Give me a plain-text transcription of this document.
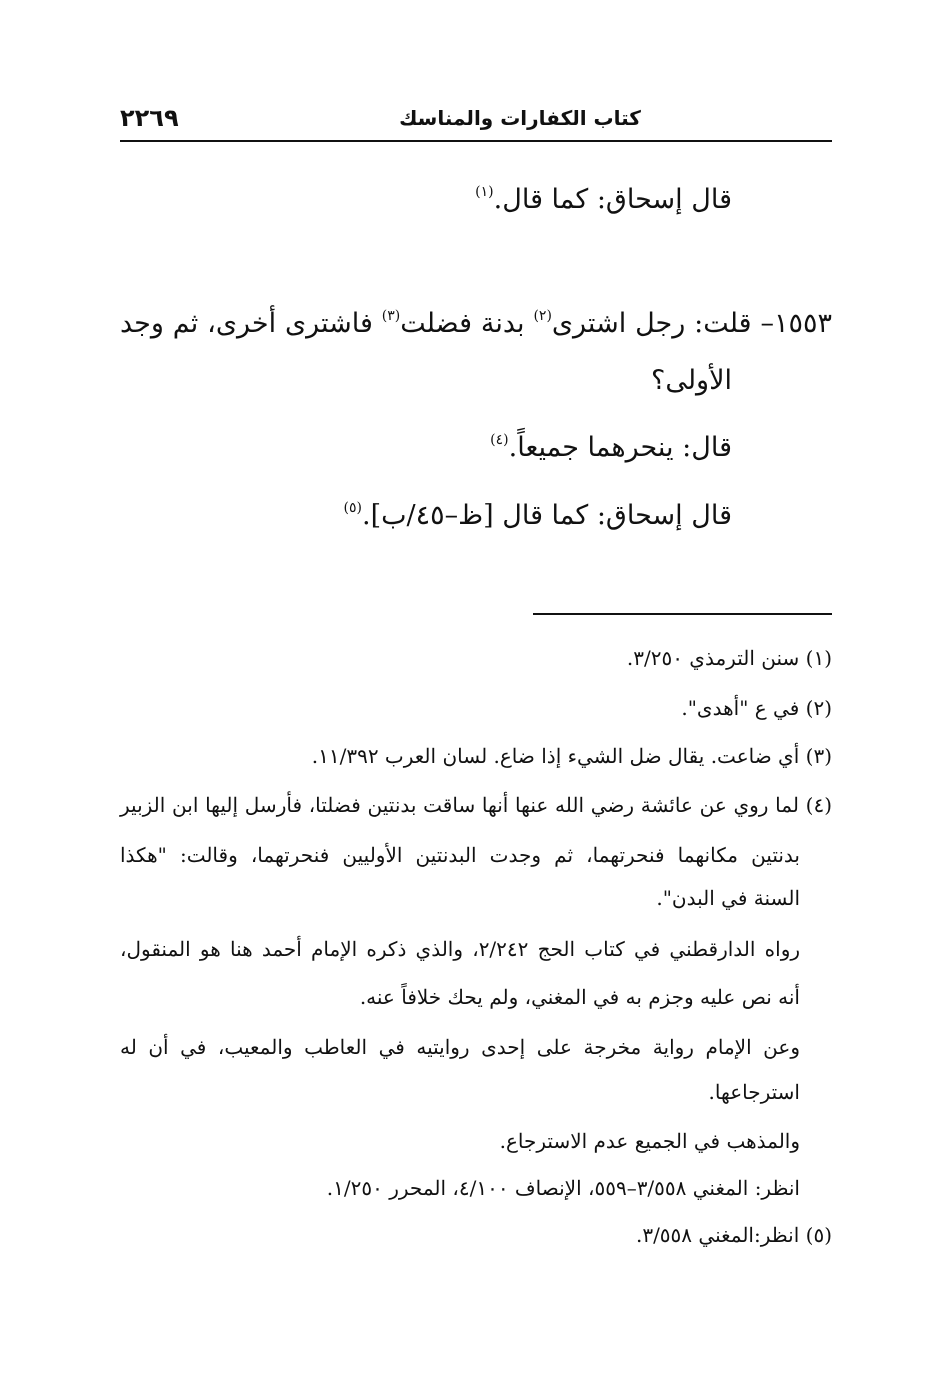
٢٢٦٩	كتاب الكفارات والمناسك
قال إسحاق: كما قال.$^{(١)}$
١٥٥٣– قلت: رجل اشترى$^{(٢)}$ بدنة فضلت$^{(٣)}$ فاشترى أخرى، ثم وجد
الأولى؟
قال: ينحرهما جميعاً.$^{(٤)}$
قال إسحاق: كما قال [ظ–٤٥/ب].$^{(٥)}$
(١) سنن الترمذي ٣/٢٥٠.
(٢) في ع "أهدى".
(٣) أي ضاعت. يقال ضل الشيء إذا ضاع. لسان العرب ١١/٣٩٢.
(٤) لما روي عن عائشة رضي الله عنها أنها ساقت بدنتين فضلتا، فأرسل إليها ابن الزبير
بدنتين مكانهما فنحرتهما، ثم وجدت البدنتين الأوليين فنحرتهما، وقالت: "هكذا
السنة في البدن".
رواه الدارقطني في كتاب الحج ٢/٢٤٢، والذي ذكره الإمام أحمد هنا هو المنقول،
أنه نص عليه وجزم به في المغني، ولم يحك خلافاً عنه.
وعن الإمام رواية مخرجة على إحدى روايتيه في العاطب والمعيب، في أن له
استرجاعها.
والمذهب في الجميع عدم الاسترجاع.
انظر: المغني ٣/٥٥٨–٥٥٩، الإنصاف ٤/١٠٠، المحرر ١/٢٥٠.
(٥) انظر:المغني ٣/٥٥٨.
